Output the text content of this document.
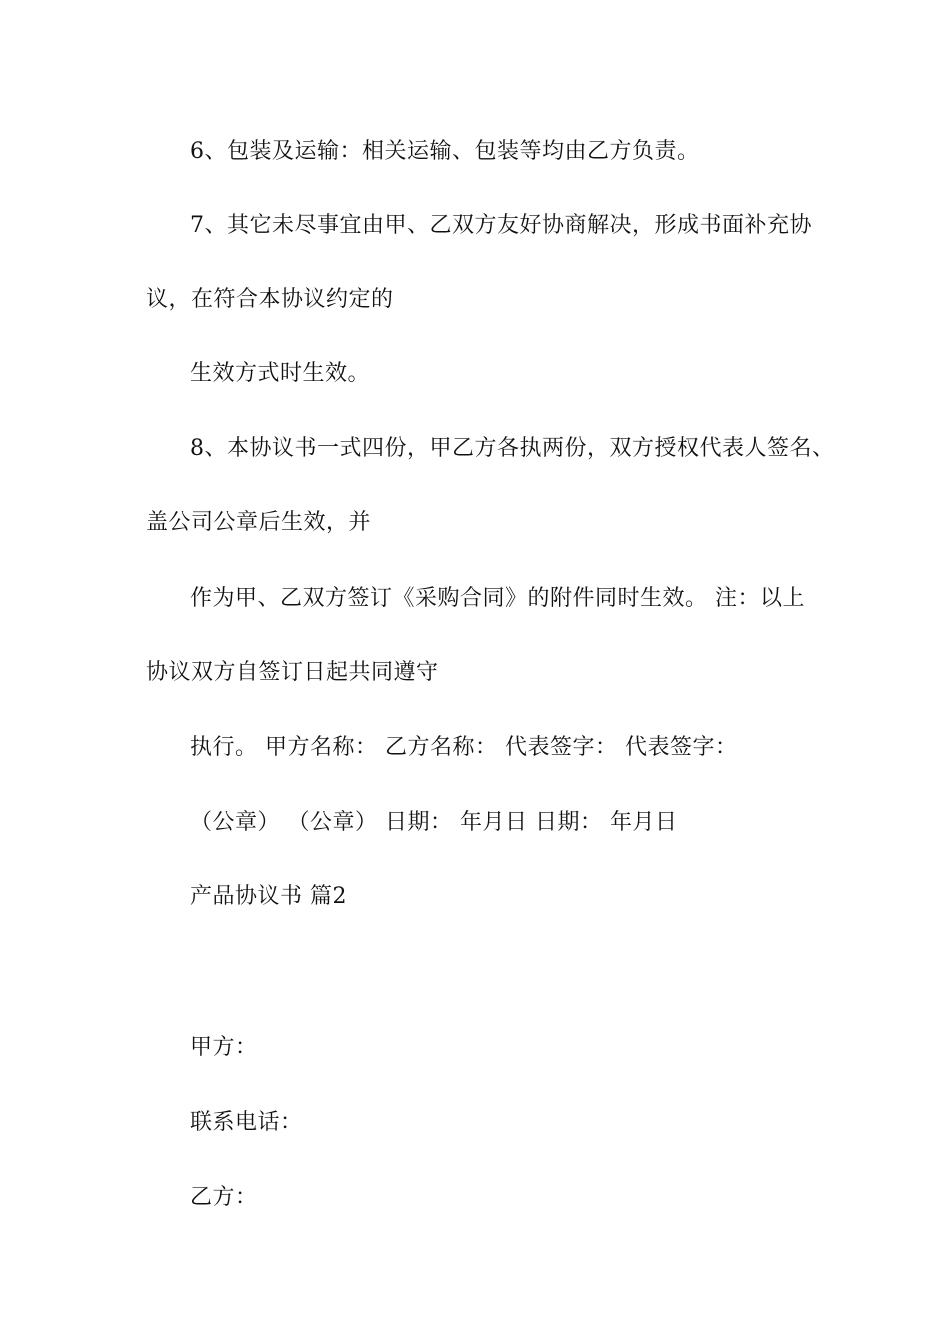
6、包装及运输：相关运输、包装等均由乙方负责。
7、其它未尽事宜由甲、乙双方友好协商解决，形成书面补充协
议，在符合本协议约定的
生效方式时生效。
8、本协议书一式四份，甲乙方各执两份，双方授权代表人签名、
盖公司公章后生效，并
作为甲、乙双方签订《采购合同》的附件同时生效。 注：以上
协议双方自签订日起共同遵守
执行。 甲方名称： 乙方名称： 代表签字： 代表签字：
（公章） （公章） 日期： 年月日 日期： 年月日
产品协议书 篇2
甲方：
联系电话：
乙方：
